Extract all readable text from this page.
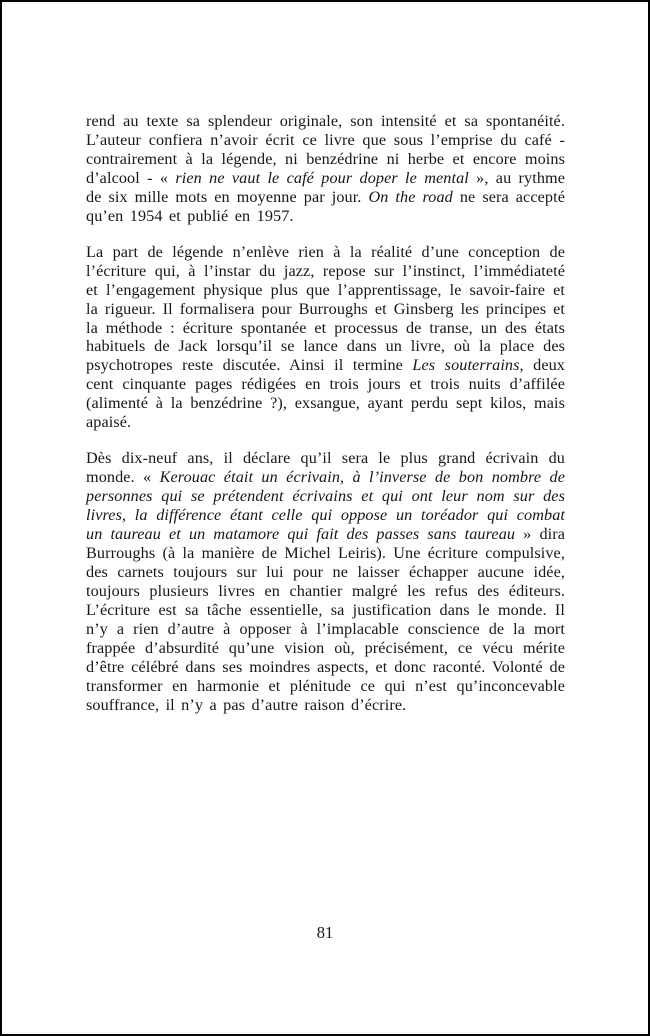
rend au texte sa splendeur originale, son intensité et sa spontanéité. L’auteur confiera n’avoir écrit ce livre que sous l’emprise du café - contrairement à la légende, ni benzédrine ni herbe et encore moins d’alcool - « rien ne vaut le café pour doper le mental », au rythme de six mille mots en moyenne par jour. On the road ne sera accepté qu’en 1954 et publié en 1957.

La part de légende n’enlève rien à la réalité d’une conception de l’écriture qui, à l’instar du jazz, repose sur l’instinct, l’immédiateté et l’engagement physique plus que l’apprentissage, le savoir-faire et la rigueur. Il formalisera pour Burroughs et Ginsberg les principes et la méthode : écriture spontanée et processus de transe, un des états habituels de Jack lorsqu’il se lance dans un livre, où la place des psychotropes reste discutée. Ainsi il termine Les souterrains, deux cent cinquante pages rédigées en trois jours et trois nuits d’affilée (alimenté à la benzédrine ?), exsangue, ayant perdu sept kilos, mais apaisé.

Dès dix-neuf ans, il déclare qu’il sera le plus grand écrivain du monde. « Kerouac était un écrivain, à l’inverse de bon nombre de personnes qui se prétendent écrivains et qui ont leur nom sur des livres, la différence étant celle qui oppose un toréador qui combat un taureau et un matamore qui fait des passes sans taureau » dira Burroughs (à la manière de Michel Leiris). Une écriture compulsive, des carnets toujours sur lui pour ne laisser échapper aucune idée, toujours plusieurs livres en chantier malgré les refus des éditeurs. L’écriture est sa tâche essentielle, sa justification dans le monde. Il n’y a rien d’autre à opposer à l’implacable conscience de la mort frappée d’absurdité qu’une vision où, précisément, ce vécu mérite d’être célébré dans ses moindres aspects, et donc raconté. Volonté de transformer en harmonie et plénitude ce qui n’est qu’inconcevable souffrance, il n’y a pas d’autre raison d’écrire.

81
